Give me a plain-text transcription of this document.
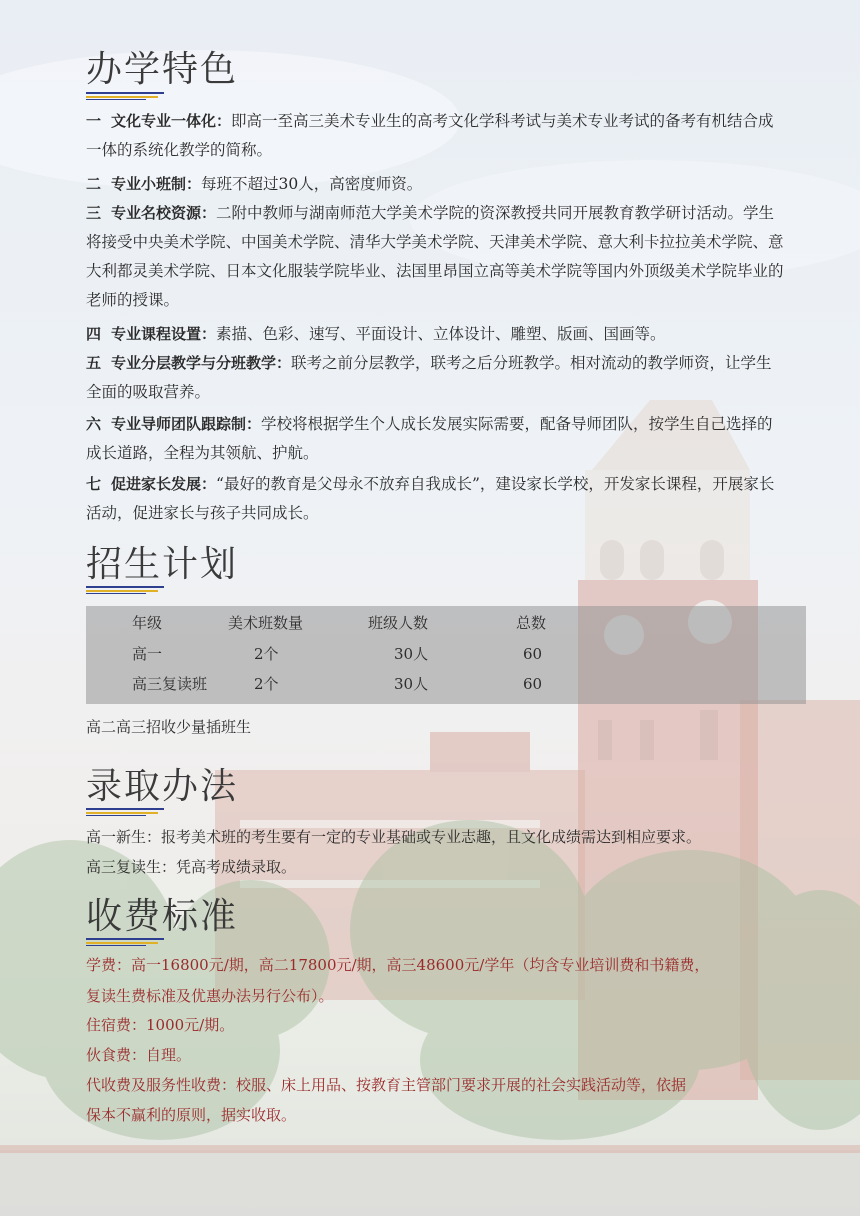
办学特色
一 文化专业一体化：即高一至高三美术专业生的高考文化学科考试与美术专业考试的备考有机结合成一体的系统化教学的简称。
二 专业小班制：每班不超过30人，高密度师资。
三 专业名校资源：二附中教师与湖南师范大学美术学院的资深教授共同开展教育教学研讨活动。学生将接受中央美术学院、中国美术学院、清华大学美术学院、天津美术学院、意大利卡拉拉美术学院、意大利都灵美术学院、日本文化服装学院毕业、法国里昂国立高等美术学院等国内外顶级美术学院毕业的老师的授课。
四 专业课程设置：素描、色彩、速写、平面设计、立体设计、雕塑、版画、国画等。
五 专业分层教学与分班教学：联考之前分层教学，联考之后分班教学。相对流动的教学师资，让学生全面的吸取营养。
六 专业导师团队跟踪制：学校将根据学生个人成长发展实际需要，配备导师团队，按学生自己选择的成长道路，全程为其领航、护航。
七 促进家长发展：“最好的教育是父母永不放弃自我成长”，建设家长学校，开发家长课程，开展家长活动，促进家长与孩子共同成长。
招生计划
年级	美术班数量	班级人数	总数
高一	2个	30人	60
高三复读班	2个	30人	60
高二高三招收少量插班生
录取办法
高一新生：报考美术班的考生要有一定的专业基础或专业志趣，且文化成绩需达到相应要求。
高三复读生：凭高考成绩录取。
收费标准
学费：高一16800元/期，高二17800元/期，高三48600元/学年（均含专业培训费和书籍费，
复读生费标准及优惠办法另行公布）。
住宿费：1000元/期。
伙食费：自理。
代收费及服务性收费：校服、床上用品、按教育主管部门要求开展的社会实践活动等，依据
保本不赢利的原则，据实收取。
